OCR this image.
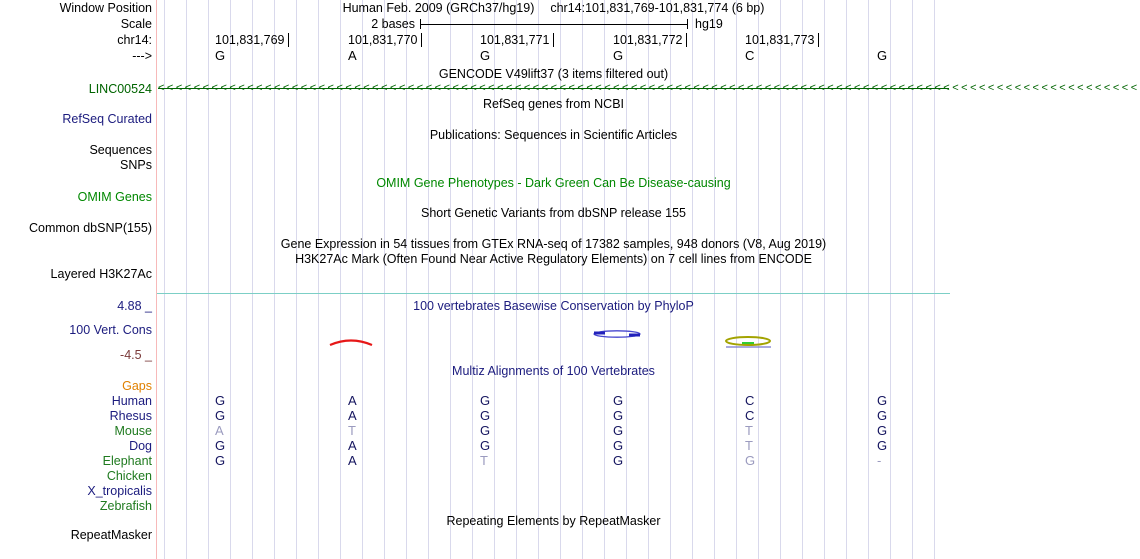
Human Feb. 2009 (GRCh37/hg19) chr14:101,831,769-101,831,774 (6 bp)
Window Position
Scale	2 bases	hg19
chr14:	101,831,769	101,831,770	101,831,771	101,831,772	101,831,773
--->	G	A	G	G	C	G
GENCODE V49lift37 (3 items filtered out)
LINC00524 <<<<<<<<<<<<<<<<<<<<<<<<<<<<<<<<<<<<<<<<<<<<<<<<<<<<<<<<<<<<<<<<<<<<<<<<<<<<<<<<<<<<<<<<<<<<<<<<<<<<<<<<<<<<<<
RefSeq genes from NCBI
RefSeq Curated
Publications: Sequences in Scientific Articles
Sequences
SNPs
OMIM Gene Phenotypes - Dark Green Can Be Disease-causing
OMIM Genes
Short Genetic Variants from dbSNP release 155
Common dbSNP(155)
Gene Expression in 54 tissues from GTEx RNA-seq of 17382 samples, 948 donors (V8, Aug 2019)
H3K27Ac Mark (Often Found Near Active Regulatory Elements) on 7 cell lines from ENCODE
Layered H3K27Ac
4.88 _	100 vertebrates Basewise Conservation by PhyloP
100 Vert. Cons
-4.5 _
Multiz Alignments of 100 Vertebrates
Gaps
Human	G	A	G	G	C	G
Rhesus	G	A	G	G	C	G
Mouse	A	T	G	G	T	G
Dog	G	A	G	G	T	G
Elephant	G	A	T	G	G	-
Chicken
X_tropicalis
Zebrafish
Repeating Elements by RepeatMasker
RepeatMasker
